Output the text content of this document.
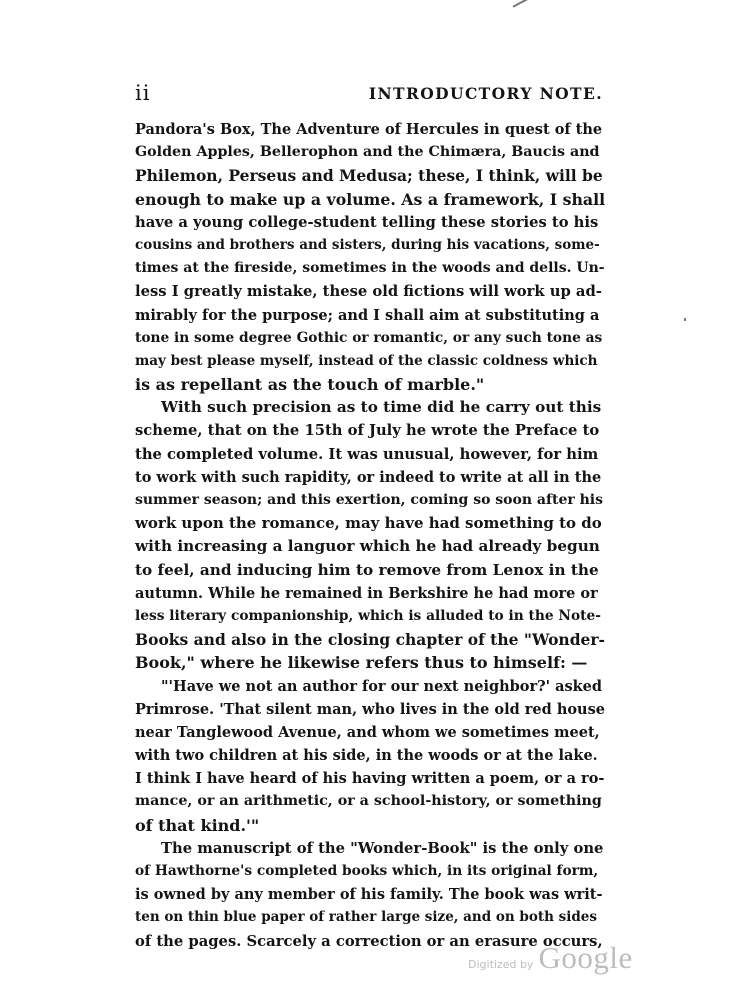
ii	INTRODUCTORY NOTE.
Pandora's Box, The Adventure of Hercules in quest of the
Golden Apples, Bellerophon and the Chimæra, Baucis and
Philemon, Perseus and Medusa; these, I think, will be
enough to make up a volume. As a framework, I shall
have a young college-student telling these stories to his
cousins and brothers and sisters, during his vacations, some-
times at the fireside, sometimes in the woods and dells. Un-
less I greatly mistake, these old fictions will work up ad-
mirably for the purpose; and I shall aim at substituting a
tone in some degree Gothic or romantic, or any such tone as
may best please myself, instead of the classic coldness which
is as repellant as the touch of marble."
With such precision as to time did he carry out this
scheme, that on the 15th of July he wrote the Preface to
the completed volume. It was unusual, however, for him
to work with such rapidity, or indeed to write at all in the
summer season; and this exertion, coming so soon after his
work upon the romance, may have had something to do
with increasing a languor which he had already begun
to feel, and inducing him to remove from Lenox in the
autumn. While he remained in Berkshire he had more or
less literary companionship, which is alluded to in the Note-
Books and also in the closing chapter of the "Wonder-
Book," where he likewise refers thus to himself: —
"'Have we not an author for our next neighbor?' asked
Primrose. 'That silent man, who lives in the old red house
near Tanglewood Avenue, and whom we sometimes meet,
with two children at his side, in the woods or at the lake.
I think I have heard of his having written a poem, or a ro-
mance, or an arithmetic, or a school-history, or something
of that kind.'"
The manuscript of the "Wonder-Book" is the only one
of Hawthorne's completed books which, in its original form,
is owned by any member of his family. The book was writ-
ten on thin blue paper of rather large size, and on both sides
of the pages. Scarcely a correction or an erasure occurs,
Digitized by Google
